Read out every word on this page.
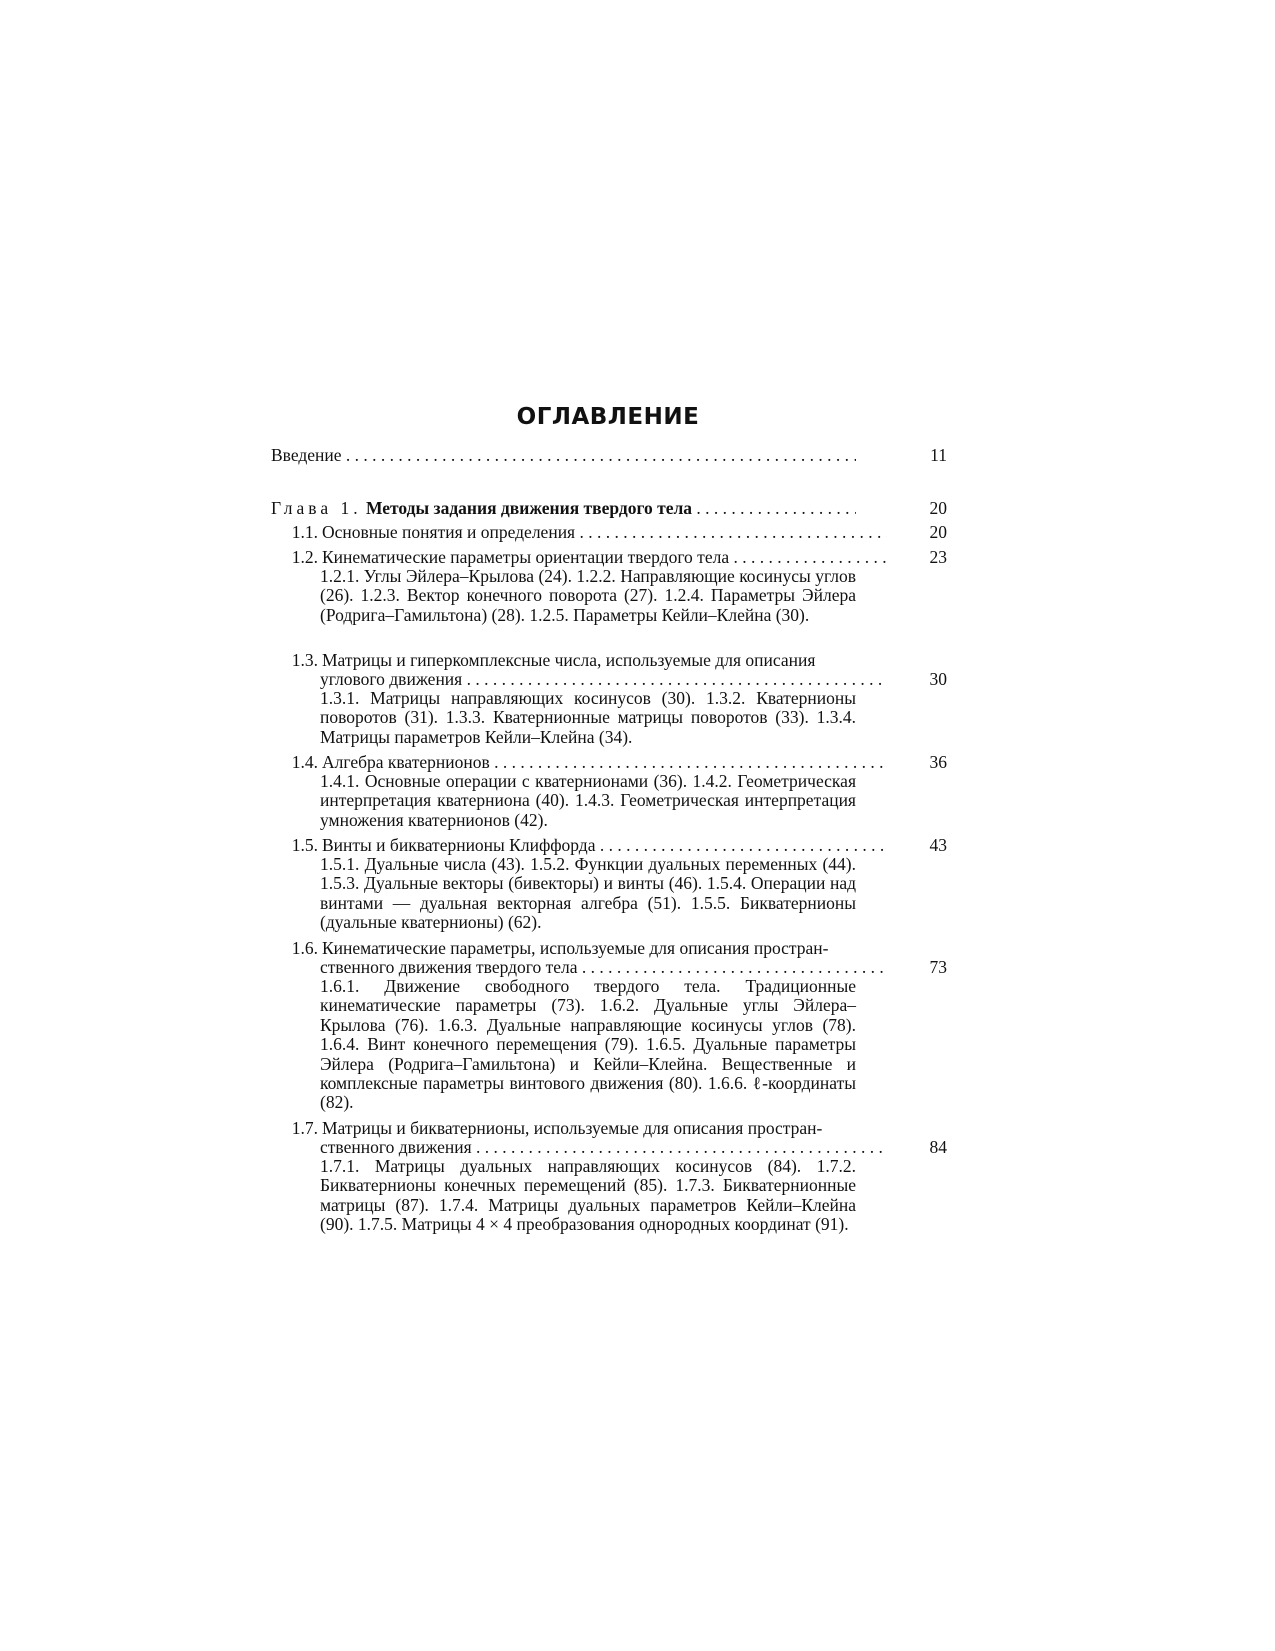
ОГЛАВЛЕНИЕ
Введение . . .	11
Глава 1. Методы задания движения твердого тела . . .	20
1.1. Основные понятия и определения . . .	20
1.2. Кинематические параметры ориентации твердого тела . . .	23
1.2.1. Углы Эйлера–Крылова (24). 1.2.2. Направляющие косинусы углов (26). 1.2.3. Вектор конечного поворота (27). 1.2.4. Параметры Эйлера (Родрига–Гамильтона) (28). 1.2.5. Параметры Кейли–Клейна (30).
1.3. Матрицы и гиперкомплексные числа, используемые для описания
углового движения . . .	30
1.3.1. Матрицы направляющих косинусов (30). 1.3.2. Кватернионы поворотов (31). 1.3.3. Кватернионные матрицы поворотов (33). 1.3.4. Матрицы параметров Кейли–Клейна (34).
1.4. Алгебра кватернионов . . .	36
1.4.1. Основные операции с кватернионами (36). 1.4.2. Геометрическая интерпретация кватерниона (40). 1.4.3. Геометрическая интерпретация умножения кватернионов (42).
1.5. Винты и бикватернионы Клиффорда . . .	43
1.5.1. Дуальные числа (43). 1.5.2. Функции дуальных переменных (44). 1.5.3. Дуальные векторы (бивекторы) и винты (46). 1.5.4. Операции над винтами — дуальная векторная алгебра (51). 1.5.5. Бикватернионы (дуальные кватернионы) (62).
1.6. Кинематические параметры, используемые для описания простран-
ственного движения твердого тела . . .	73
1.6.1. Движение свободного твердого тела. Традиционные кинематические параметры (73). 1.6.2. Дуальные углы Эйлера–Крылова (76). 1.6.3. Дуальные направляющие косинусы углов (78). 1.6.4. Винт конечного перемещения (79). 1.6.5. Дуальные параметры Эйлера (Родрига–Гамильтона) и Кейли–Клейна. Вещественные и комплексные параметры винтового движения (80). 1.6.6. ℓ-координаты (82).
1.7. Матрицы и бикватернионы, используемые для описания простран-
ственного движения . . .	84
1.7.1. Матрицы дуальных направляющих косинусов (84). 1.7.2. Бикватернионы конечных перемещений (85). 1.7.3. Бикватернионные матрицы (87). 1.7.4. Матрицы дуальных параметров Кейли–Клейна (90). 1.7.5. Матрицы 4 × 4 преобразования однородных координат (91).
